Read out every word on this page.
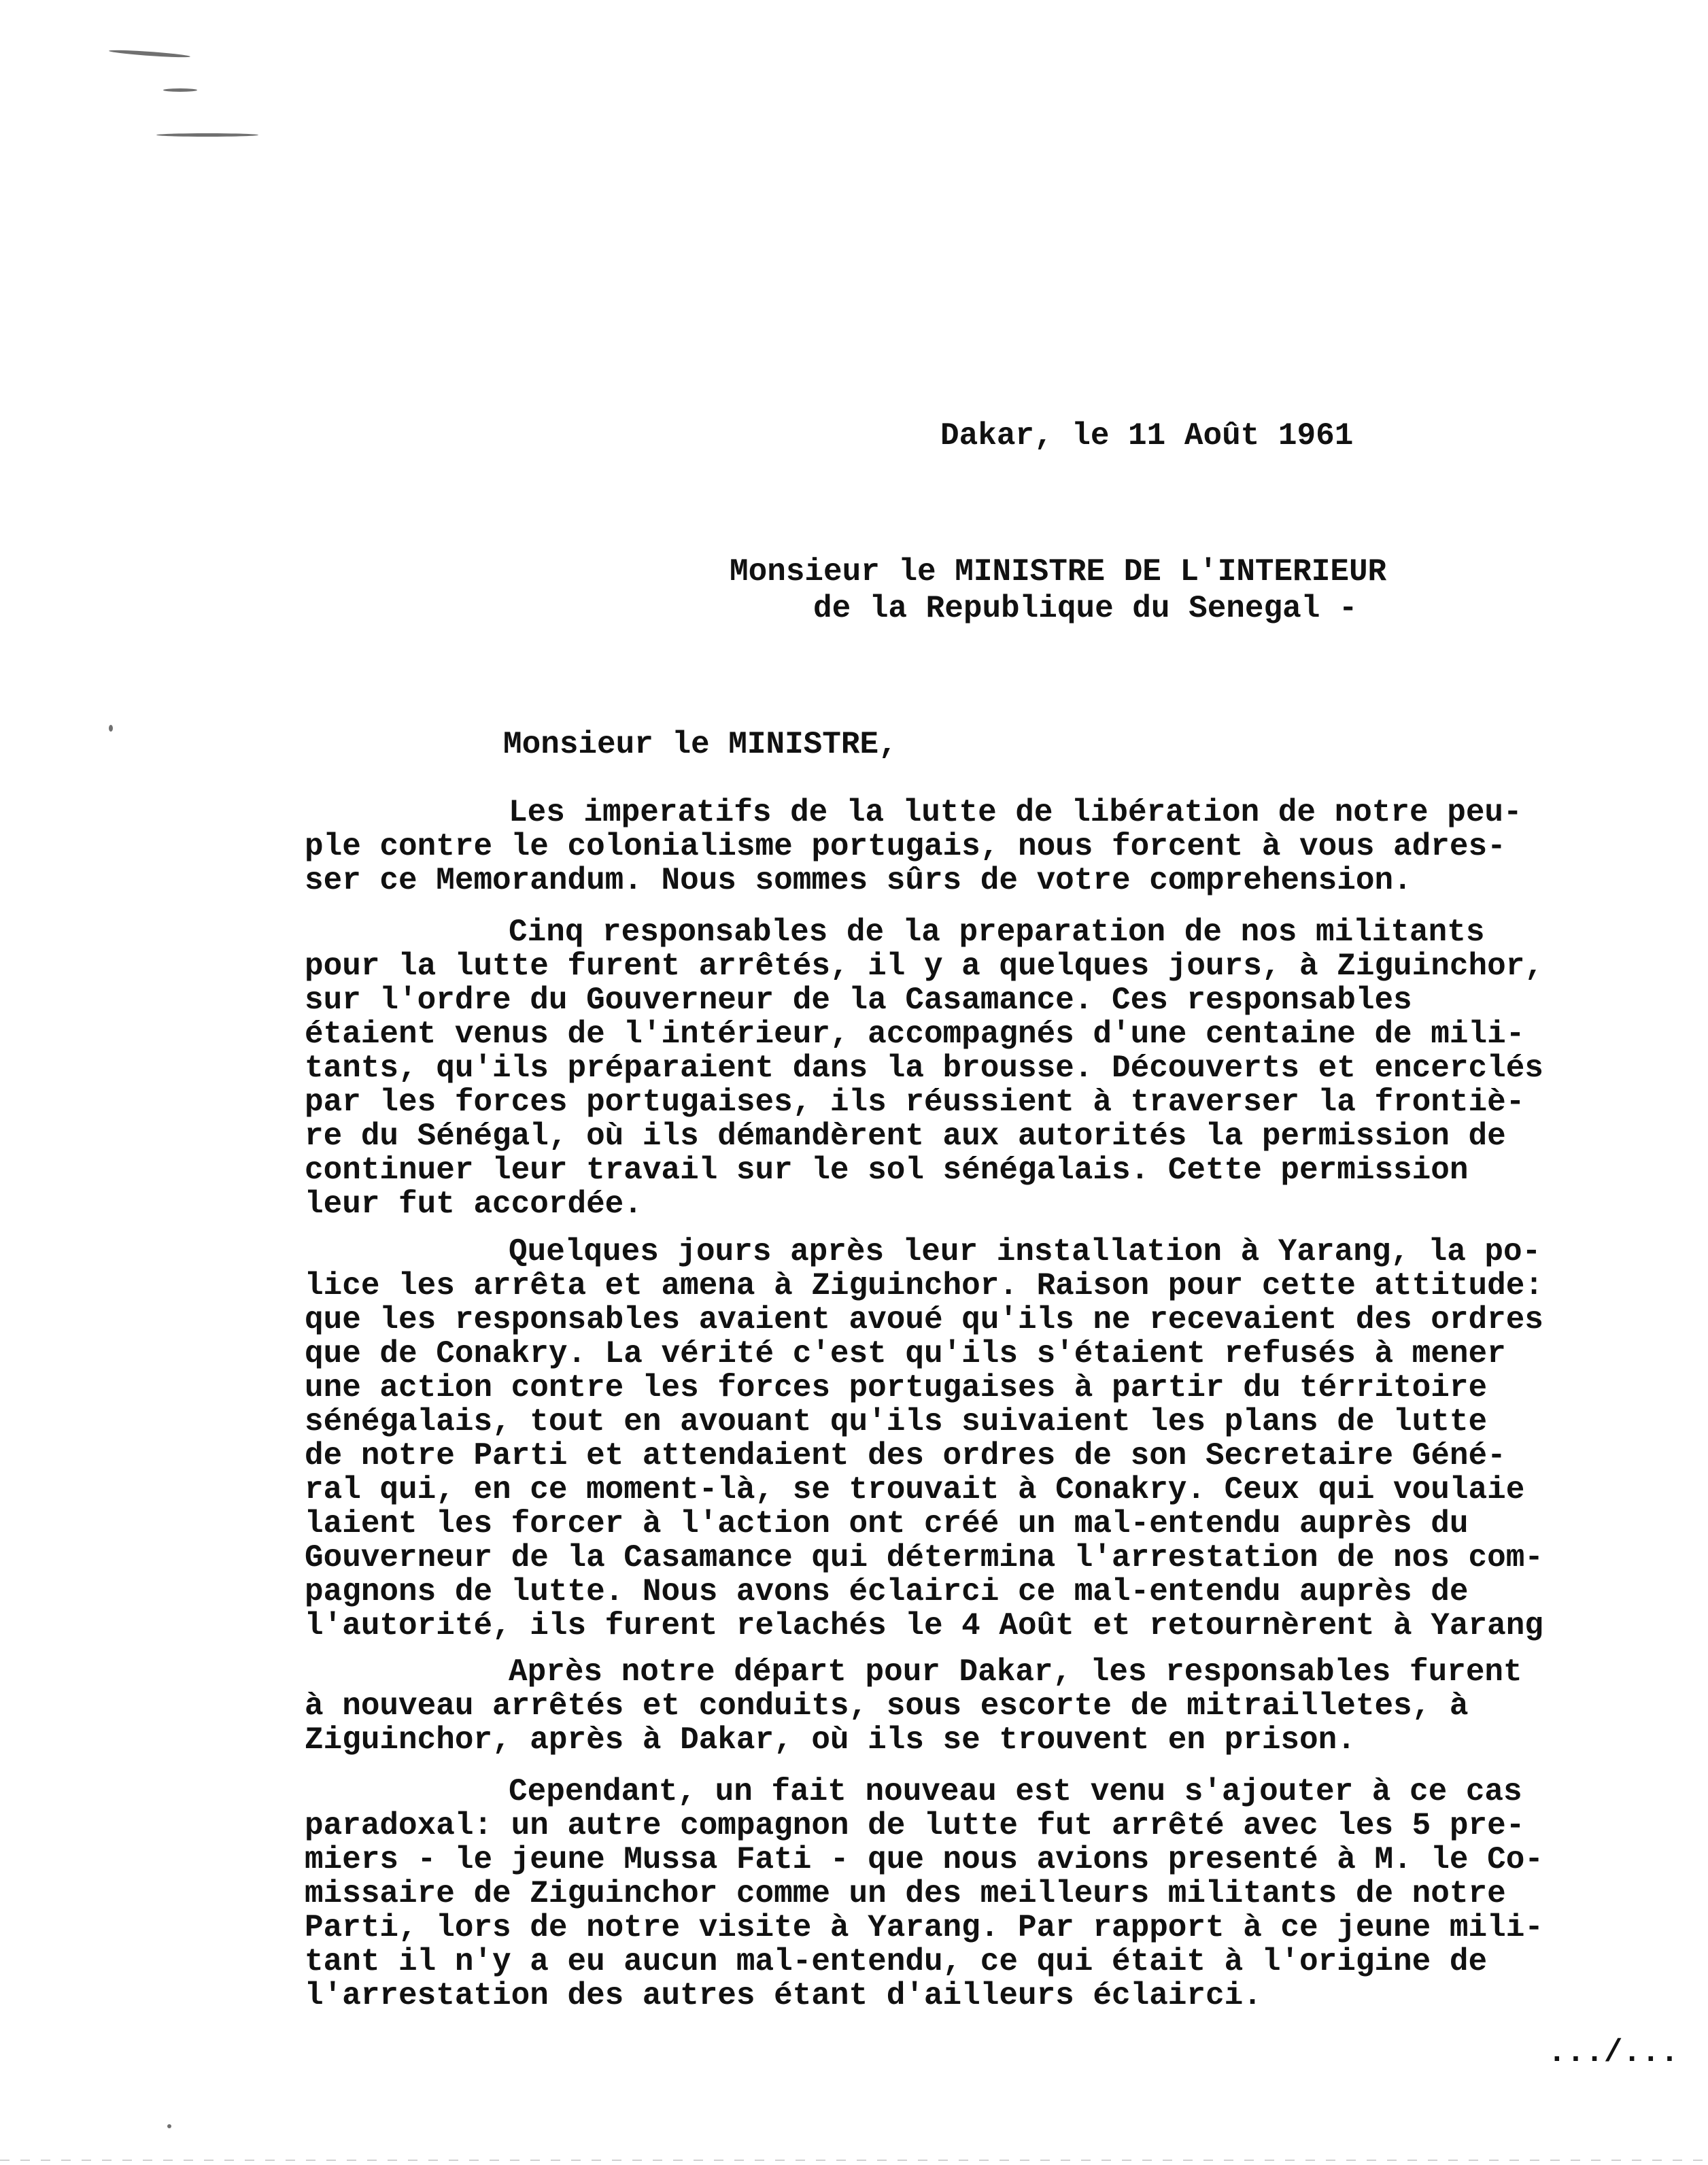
Dakar, le 11 Août 1961
Monsieur le MINISTRE DE L'INTERIEUR
de la Republique du Senegal -
Monsieur le MINISTRE,
Les imperatifs de la lutte de libération de notre peu-
ple contre le colonialisme portugais, nous forcent à vous adres-
ser ce Memorandum. Nous sommes sûrs de votre comprehension.
Cinq responsables de la preparation de nos militants
pour la lutte furent arrêtés, il y a quelques jours, à Ziguinchor,
sur l'ordre du Gouverneur de la Casamance. Ces responsables
étaient venus de l'intérieur, accompagnés d'une centaine de mili-
tants, qu'ils préparaient dans la brousse. Découverts et encerclés
par les forces portugaises, ils réussient à traverser la frontiè-
re du Sénégal, où ils démandèrent aux autorités la permission de
continuer leur travail sur le sol sénégalais. Cette permission
leur fut accordée.
Quelques jours après leur installation à Yarang, la po-
lice les arrêta et amena à Ziguinchor. Raison pour cette attitude:
que les responsables avaient avoué qu'ils ne recevaient des ordres
que de Conakry. La vérité c'est qu'ils s'étaient refusés à mener
une action contre les forces portugaises à partir du térritoire
sénégalais, tout en avouant qu'ils suivaient les plans de lutte
de notre Parti et attendaient des ordres de son Secretaire Géné-
ral qui, en ce moment-là, se trouvait à Conakry. Ceux qui voulaie
laient les forcer à l'action ont créé un mal-entendu auprès du
Gouverneur de la Casamance qui détermina l'arrestation de nos com-
pagnons de lutte. Nous avons éclairci ce mal-entendu auprès de
l'autorité, ils furent relachés le 4 Août et retournèrent à Yarang
Après notre départ pour Dakar, les responsables furent
à nouveau arrêtés et conduits, sous escorte de mitrailletes, à
Ziguinchor, après à Dakar, où ils se trouvent en prison.
Cependant, un fait nouveau est venu s'ajouter à ce cas
paradoxal: un autre compagnon de lutte fut arrêté avec les 5 pre-
miers - le jeune Mussa Fati - que nous avions presenté à M. le Co-
missaire de Ziguinchor comme un des meilleurs militants de notre
Parti, lors de notre visite à Yarang. Par rapport à ce jeune mili-
tant il n'y a eu aucun mal-entendu, ce qui était à l'origine de
l'arrestation des autres étant d'ailleurs éclairci.
.../...
